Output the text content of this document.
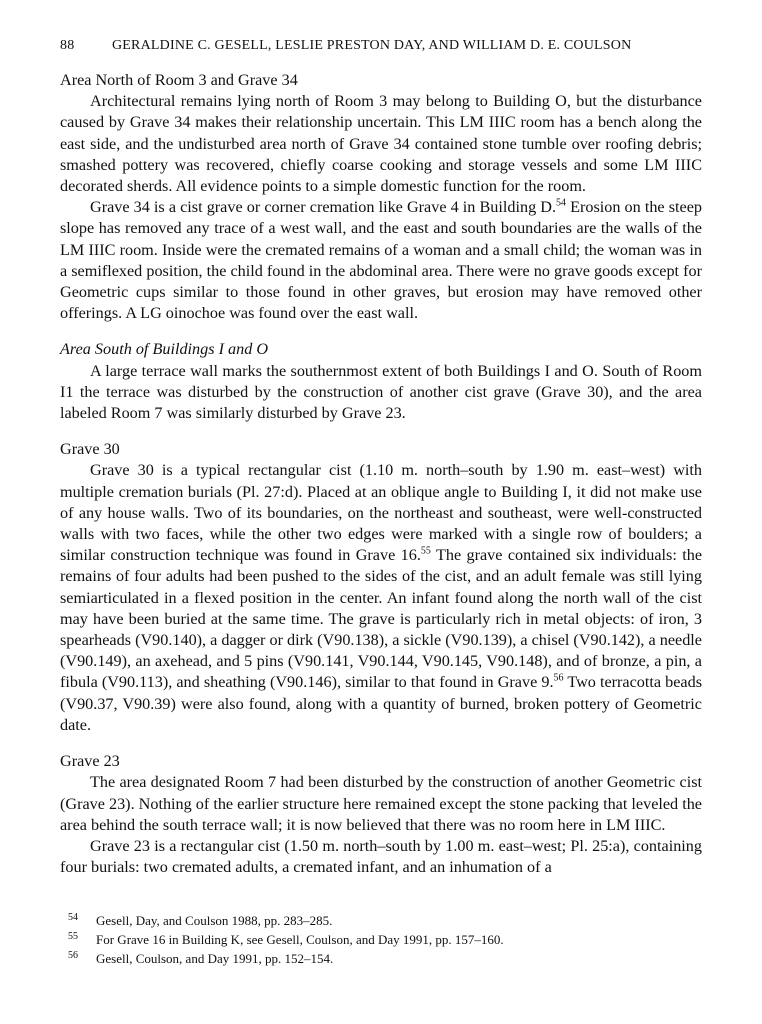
88	GERALDINE C. GESELL, LESLIE PRESTON DAY, AND WILLIAM D. E. COULSON
Area North of Room 3 and Grave 34

Architectural remains lying north of Room 3 may belong to Building O, but the disturbance caused by Grave 34 makes their relationship uncertain. This LM IIIC room has a bench along the east side, and the undisturbed area north of Grave 34 contained stone tumble over roofing debris; smashed pottery was recovered, chiefly coarse cooking and storage vessels and some LM IIIC decorated sherds. All evidence points to a simple domestic function for the room.

Grave 34 is a cist grave or corner cremation like Grave 4 in Building D.$^{54}$ Erosion on the steep slope has removed any trace of a west wall, and the east and south boundaries are the walls of the LM IIIC room. Inside were the cremated remains of a woman and a small child; the woman was in a semiflexed position, the child found in the abdominal area. There were no grave goods except for Geometric cups similar to those found in other graves, but erosion may have removed other offerings. A LG oinochoe was found over the east wall.

Area South of Buildings I and O

A large terrace wall marks the southernmost extent of both Buildings I and O. South of Room I1 the terrace was disturbed by the construction of another cist grave (Grave 30), and the area labeled Room 7 was similarly disturbed by Grave 23.

Grave 30

Grave 30 is a typical rectangular cist (1.10 m. north–south by 1.90 m. east–west) with multiple cremation burials (Pl. 27:d). Placed at an oblique angle to Building I, it did not make use of any house walls. Two of its boundaries, on the northeast and southeast, were well-constructed walls with two faces, while the other two edges were marked with a single row of boulders; a similar construction technique was found in Grave 16.55 The grave contained six individuals: the remains of four adults had been pushed to the sides of the cist, and an adult female was still lying semiarticulated in a flexed position in the center. An infant found along the north wall of the cist may have been buried at the same time. The grave is particularly rich in metal objects: of iron, 3 spearheads (V90.140), a dagger or dirk (V90.138), a sickle (V90.139), a chisel (V90.142), a needle (V90.149), an axehead, and 5 pins (V90.141, V90.144, V90.145, V90.148), and of bronze, a pin, a fibula (V90.113), and sheathing (V90.146), similar to that found in Grave 9.56 Two terracotta beads (V90.37, V90.39) were also found, along with a quantity of burned, broken pottery of Geometric date.

Grave 23

The area designated Room 7 had been disturbed by the construction of another Geometric cist (Grave 23). Nothing of the earlier structure here remained except the stone packing that leveled the area behind the south terrace wall; it is now believed that there was no room here in LM IIIC.

Grave 23 is a rectangular cist (1.50 m. north–south by 1.00 m. east–west; Pl. 25:a), containing four burials: two cremated adults, a cremated infant, and an inhumation of a

54	Gesell, Day, and Coulson 1988, pp. 283–285.
55	For Grave 16 in Building K, see Gesell, Coulson, and Day 1991, pp. 157–160.
56	Gesell, Coulson, and Day 1991, pp. 152–154.
